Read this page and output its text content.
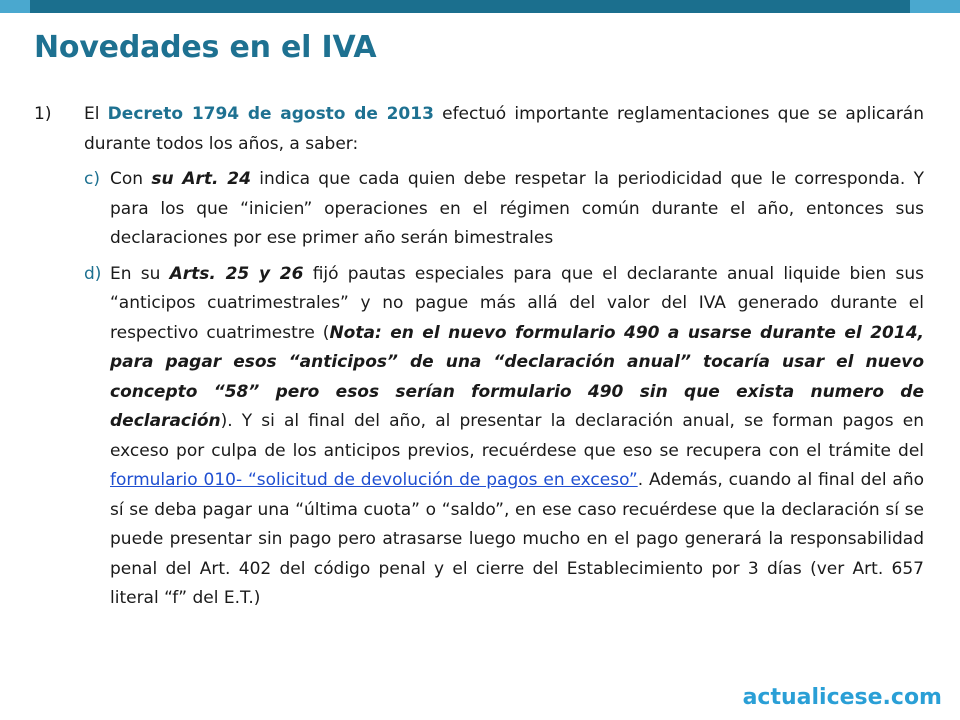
Novedades en el IVA
1) El Decreto 1794 de agosto de 2013 efectuó importante reglamentaciones que se aplicarán durante todos los años, a saber:
c) Con su Art. 24 indica que cada quien debe respetar la periodicidad que le corresponda. Y para los que “inicien” operaciones en el régimen común durante el año, entonces sus declaraciones por ese primer año serán bimestrales
d) En su Arts. 25 y 26 fijó pautas especiales para que el declarante anual liquide bien sus “anticipos cuatrimestrales” y no pague más allá del valor del IVA generado durante el respectivo cuatrimestre (Nota: en el nuevo formulario 490 a usarse durante el 2014, para pagar esos “anticipos” de una “declaración anual” tocaría usar el nuevo concepto “58” pero esos serían formulario 490 sin que exista numero de declaración). Y si al final del año, al presentar la declaración anual, se forman pagos en exceso por culpa de los anticipos previos, recuérdese que eso se recupera con el trámite del formulario 010- “solicitud de devolución de pagos en exceso”. Además, cuando al final del año sí se deba pagar una “última cuota” o “saldo”, en ese caso recuérdese que la declaración sí se puede presentar sin pago pero atrasarse luego mucho en el pago generará la responsabilidad penal del Art. 402 del código penal y el cierre del Establecimiento por 3 días (ver Art. 657 literal “f” del E.T.)
actualicese.com
